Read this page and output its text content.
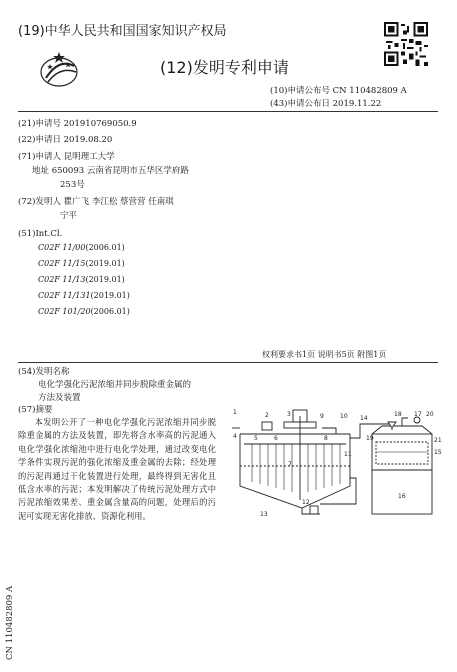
(19)中华人民共和国国家知识产权局
(12)发明专利申请
(10)申请公布号 CN 110482809 A
(43)申请公布日 2019.11.22
(21)申请号 201910769050.9
(22)申请日 2019.08.20
(71)申请人 昆明理工大学
地址 650093 云南省昆明市五华区学府路
253号
(72)发明人 瞿广飞 李江松 蔡营营 任南琪
宁平
(51)Int.Cl.
C02F 11/00(2006.01)
C02F 11/15(2019.01)
C02F 11/13(2019.01)
C02F 11/131(2019.01)
C02F 101/20(2006.01)
权利要求书1页 说明书5页 附图1页
(54)发明名称
电化学强化污泥浓缩并同步脱除重金属的
方法及装置
(57)摘要
本发明公开了一种电化学强化污泥浓缩并同步脱除重金属的方法及装置，即先将含水率高的污泥通入电化学强化浓缩池中进行电化学处理，通过改变电化学条件实现污泥的强化浓缩及重金属的去除；经处理的污泥再通过干化装置进行处理，最终得到无害化且低含水率的污泥；本发明解决了传统污泥处理方式中污泥浓缩效果差、重金属含量高的问题，处理后的污泥可实现无害化排放、资源化利用。
1	2	3
4	5	6
7
8
9	10
11
12
13
14
15
16
17
18
19
20
21
CN 110482809 A
